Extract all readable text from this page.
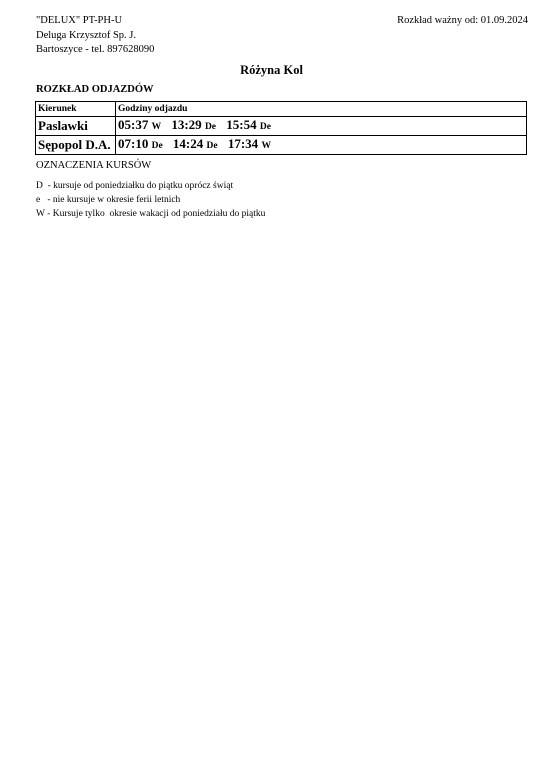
"DELUX" PT-PH-U
Deluga Krzysztof Sp. J.
Bartoszyce - tel. 897628090
Rozkład ważny od: 01.09.2024
Różyna Kol
ROZKŁAD ODJAZDÓW
Kierunek	Godziny odjazdu
Paslawki	05:37 W 13:29 De 15:54 De
Sępopol D.A.	07:10 De 14:24 De 17:34 W
OZNACZENIA KURSÓW
D  - kursuje od poniedziałku do piątku oprócz świąt
e   - nie kursuje w okresie ferii letnich
W - Kursuje tylko  okresie wakacji od poniedziału do piątku
